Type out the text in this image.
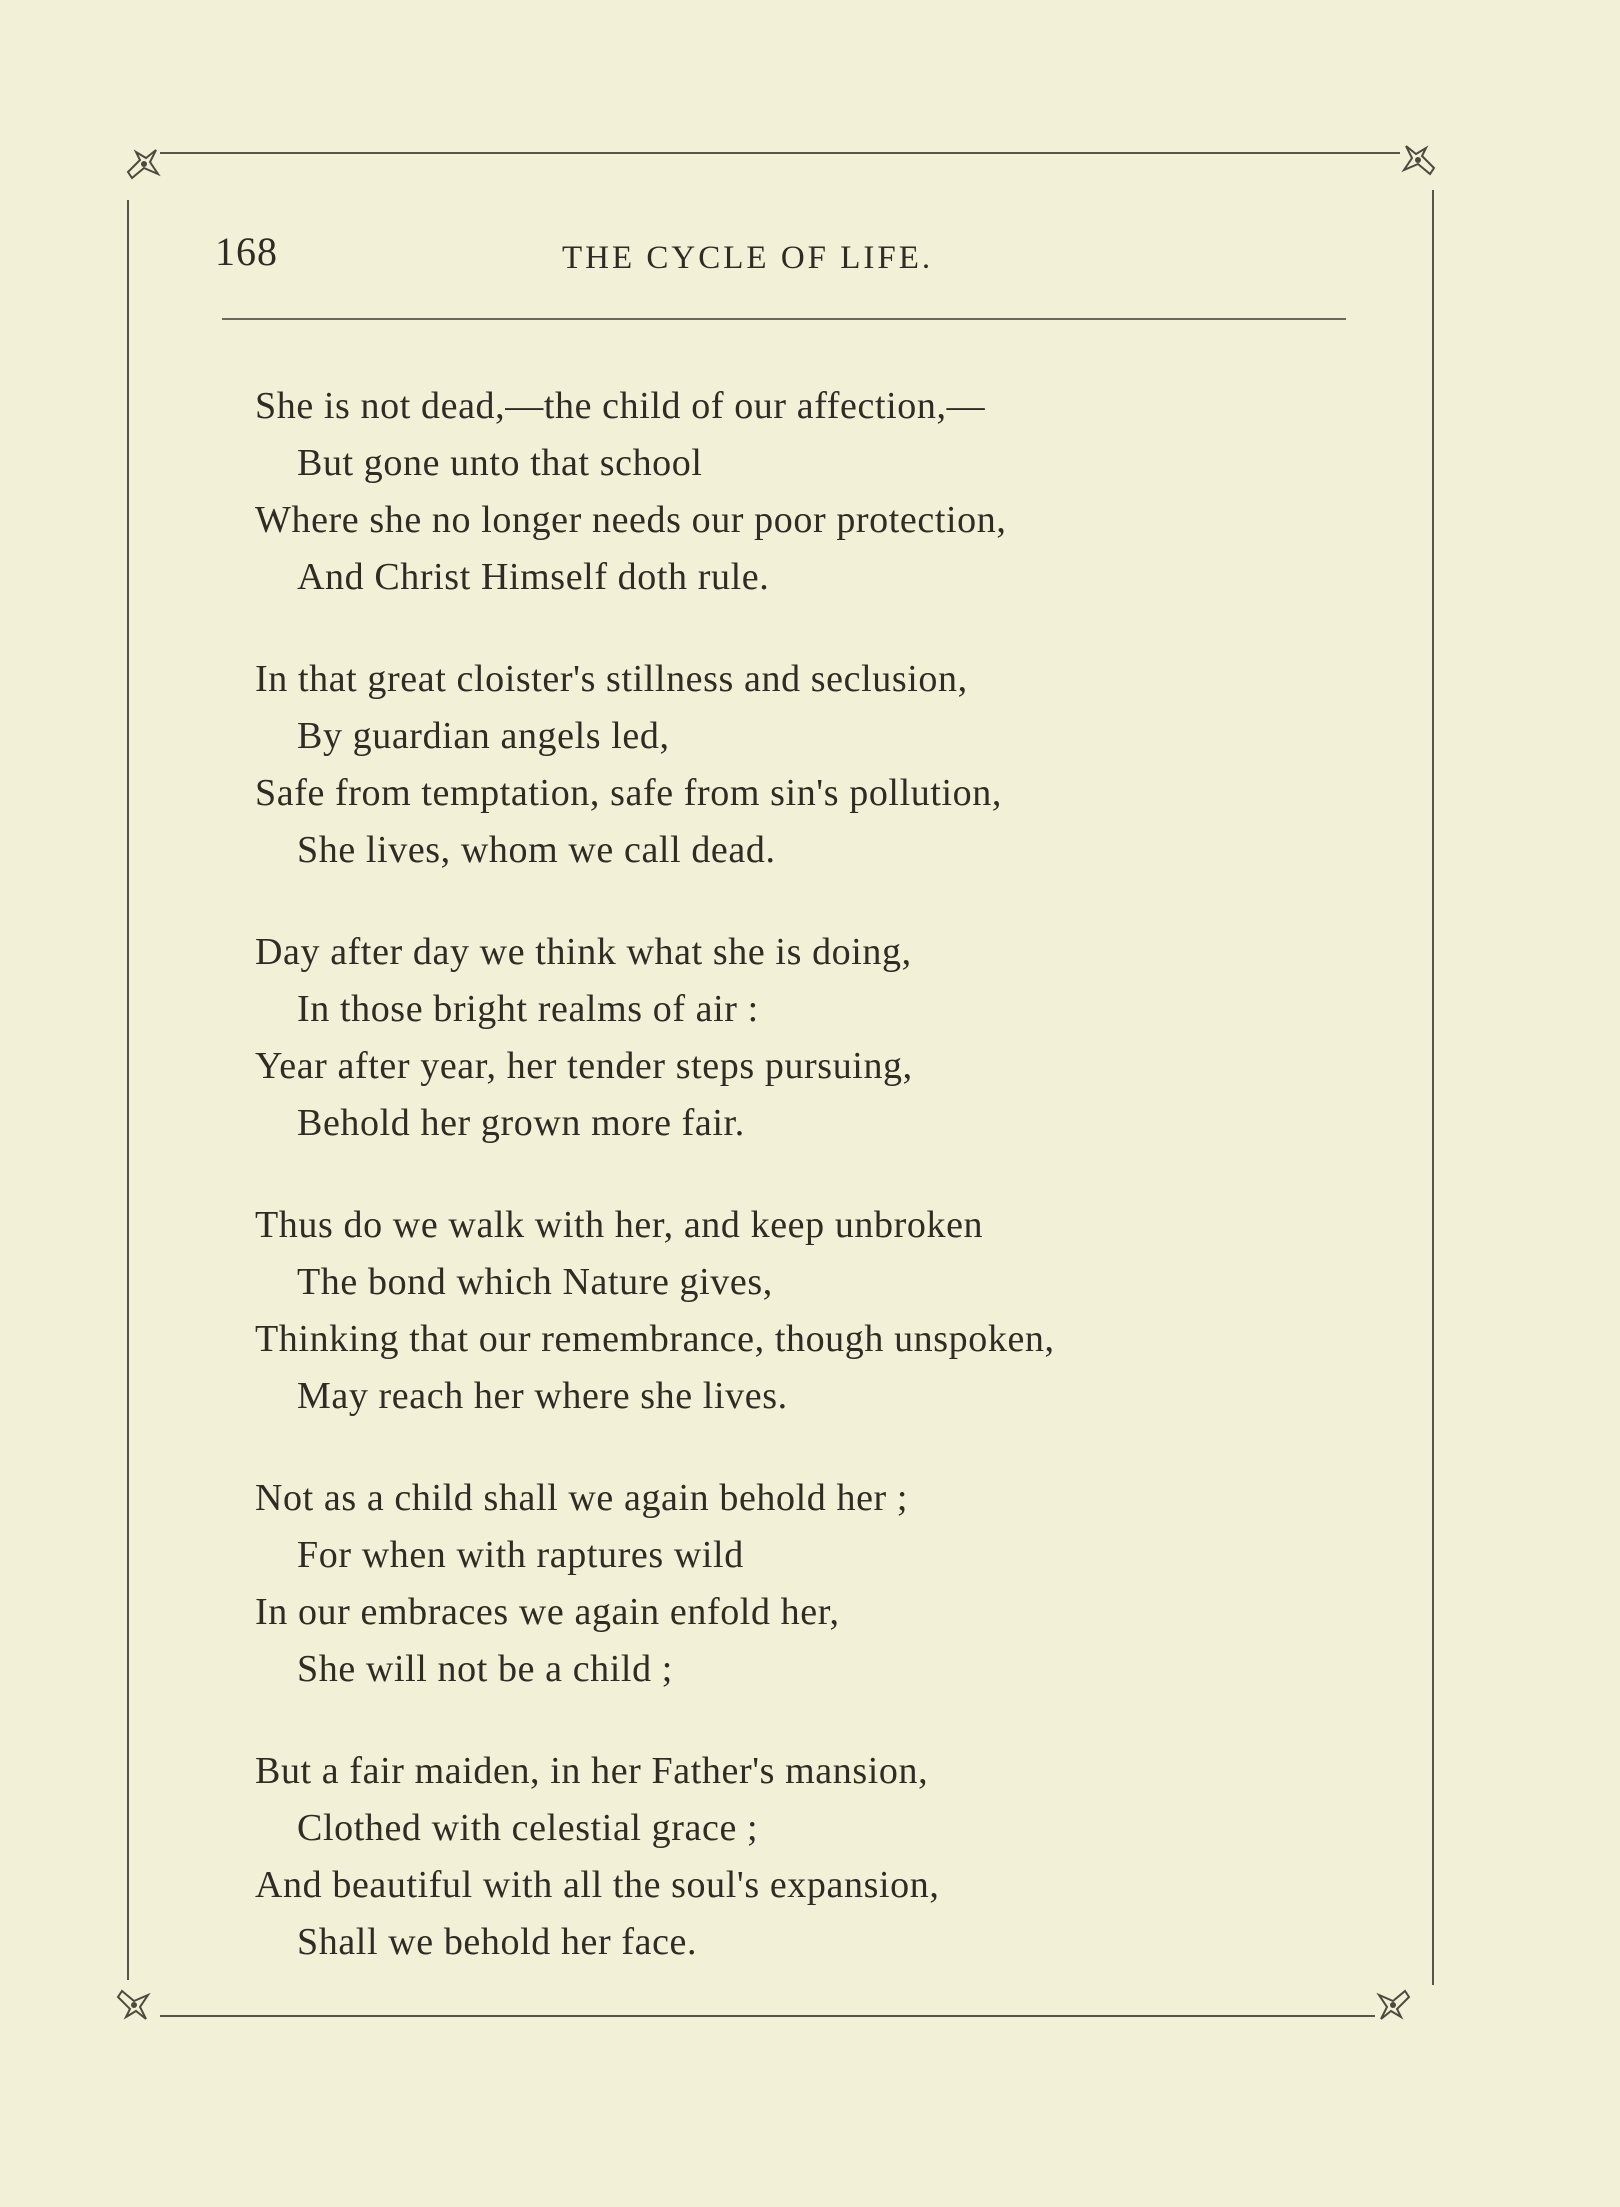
168	THE CYCLE OF LIFE.
She is not dead,—the child of our affection,—
But gone unto that school
Where she no longer needs our poor protection,
And Christ Himself doth rule.
In that great cloister's stillness and seclusion,
By guardian angels led,
Safe from temptation, safe from sin's pollution,
She lives, whom we call dead.
Day after day we think what she is doing,
In those bright realms of air :
Year after year, her tender steps pursuing,
Behold her grown more fair.
Thus do we walk with her, and keep unbroken
The bond which Nature gives,
Thinking that our remembrance, though unspoken,
May reach her where she lives.
Not as a child shall we again behold her ;
For when with raptures wild
In our embraces we again enfold her,
She will not be a child ;
But a fair maiden, in her Father's mansion,
Clothed with celestial grace ;
And beautiful with all the soul's expansion,
Shall we behold her face.
